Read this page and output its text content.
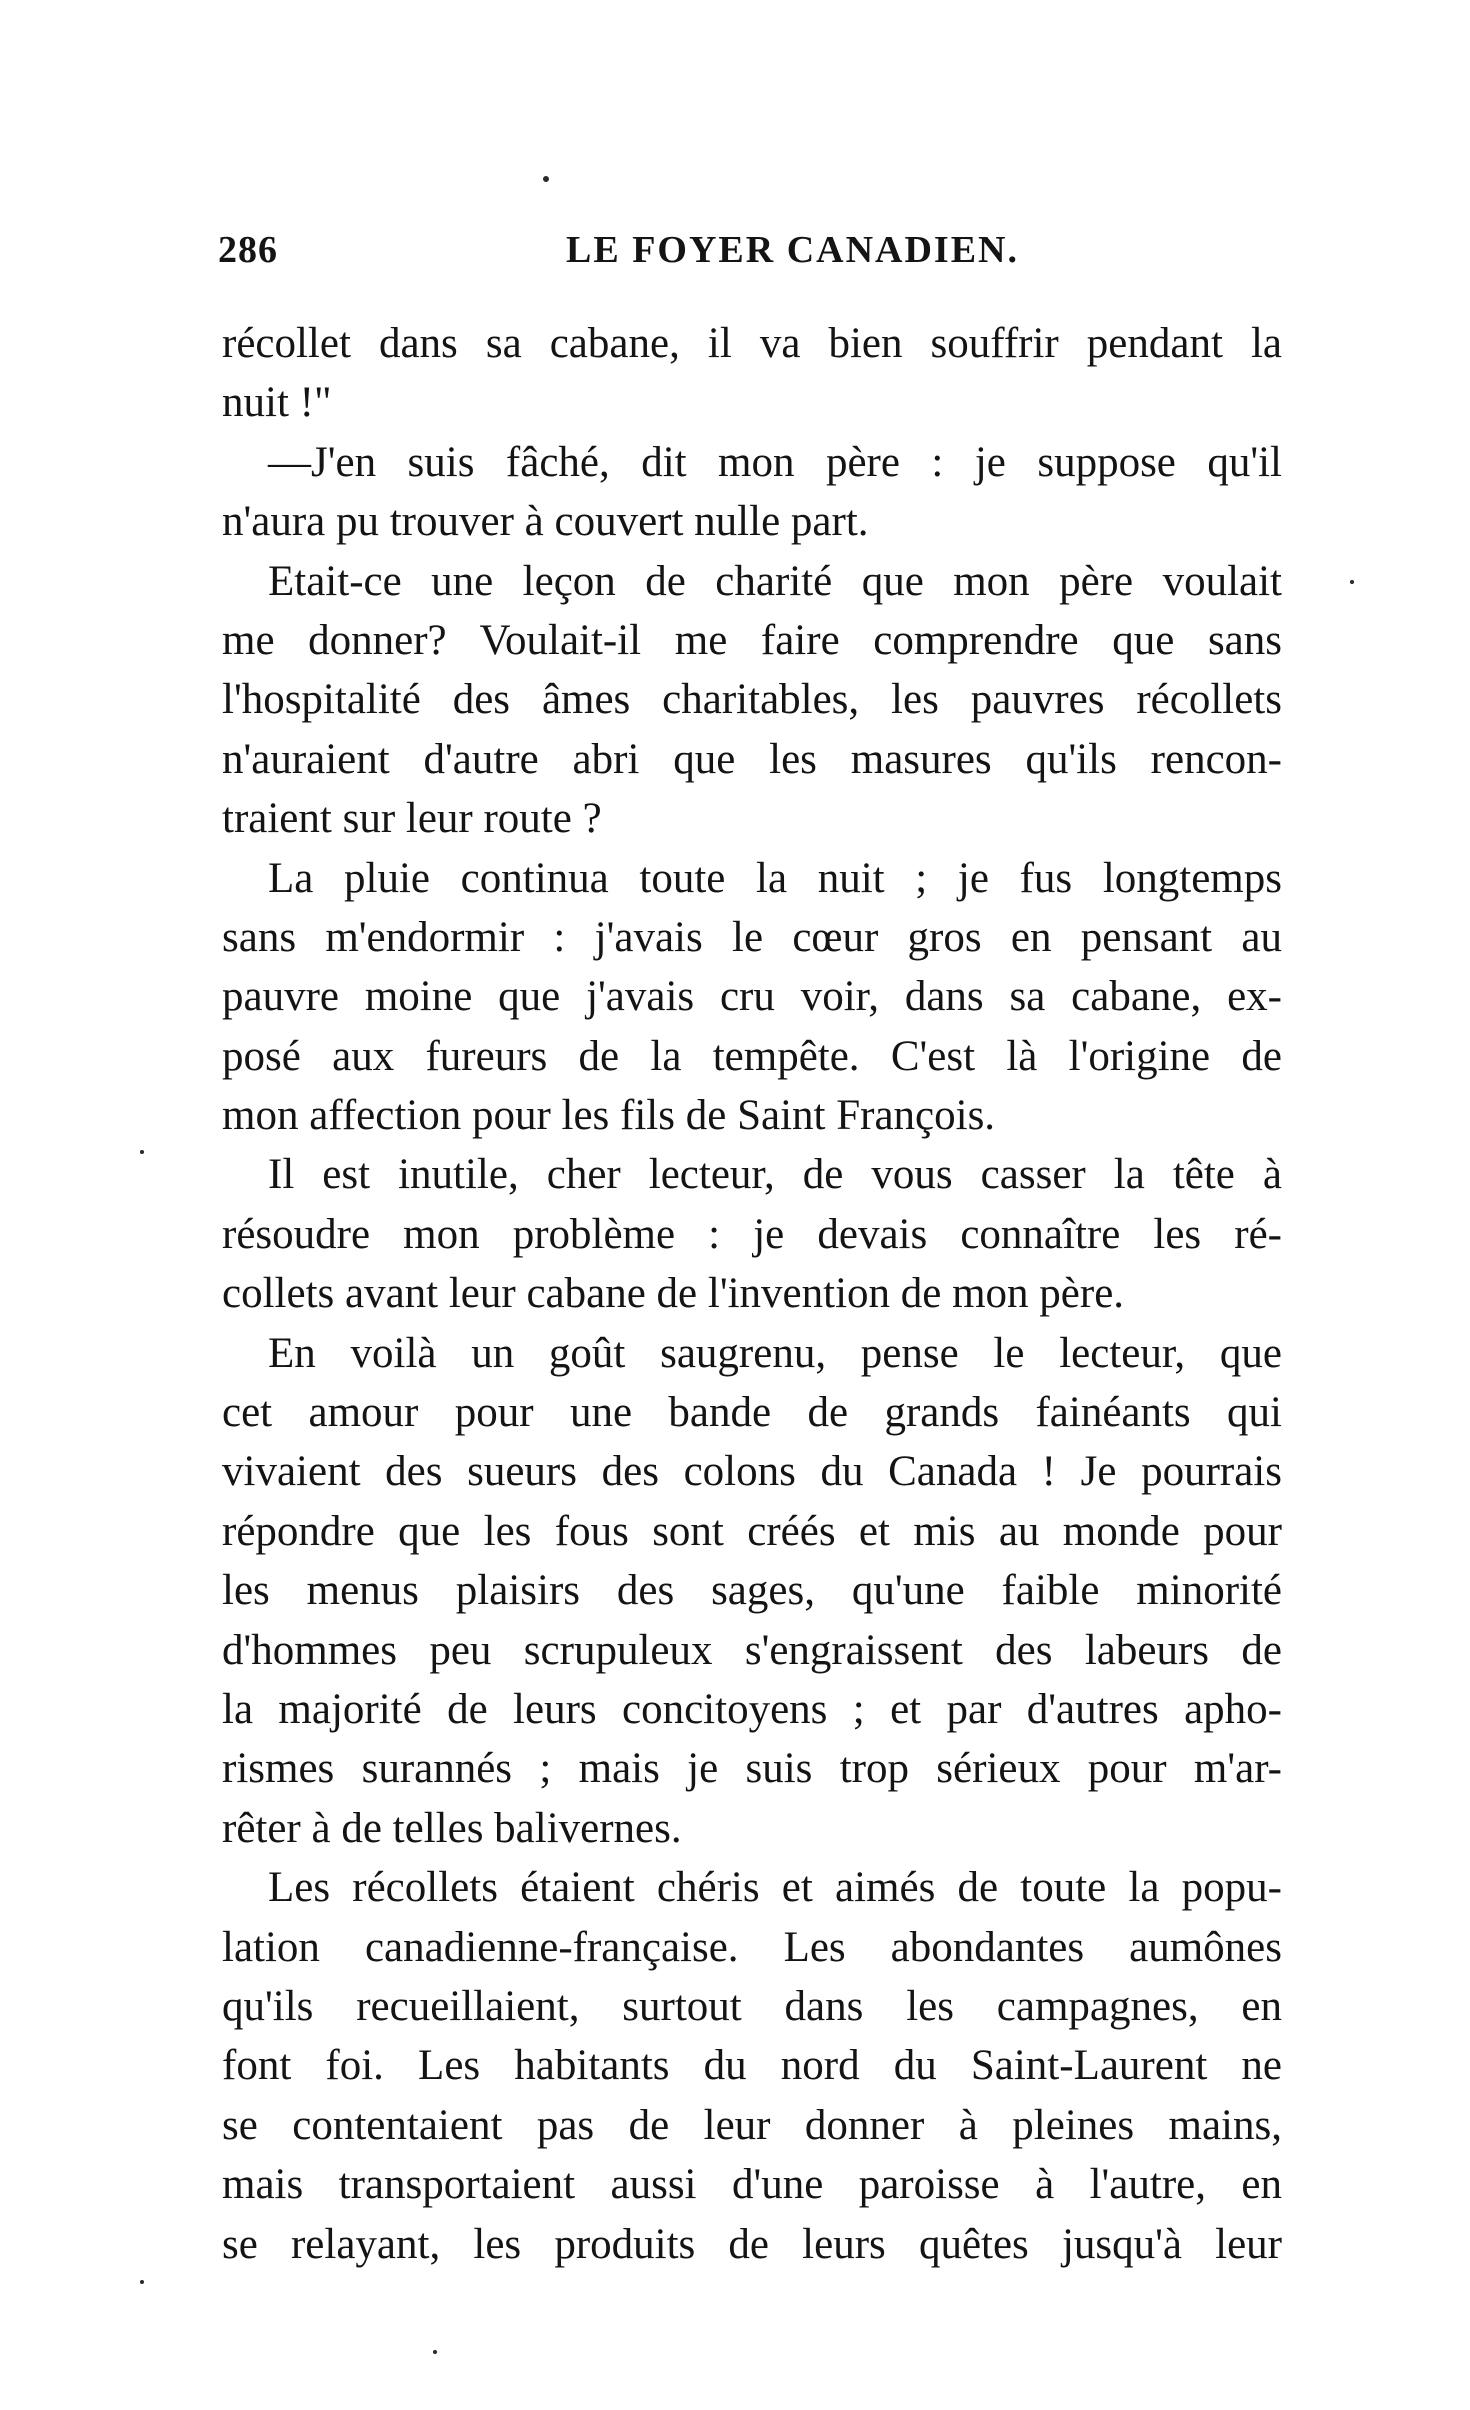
286	LE FOYER CANADIEN.
récollet dans sa cabane, il va bien souffrir pendant la
nuit !"
—J'en suis fâché, dit mon père : je suppose qu'il
n'aura pu trouver à couvert nulle part.
Etait-ce une leçon de charité que mon père voulait
me donner? Voulait-il me faire comprendre que sans
l'hospitalité des âmes charitables, les pauvres récollets
n'auraient d'autre abri que les masures qu'ils rencon-
traient sur leur route ?
La pluie continua toute la nuit ; je fus longtemps
sans m'endormir : j'avais le cœur gros en pensant au
pauvre moine que j'avais cru voir, dans sa cabane, ex-
posé aux fureurs de la tempête. C'est là l'origine de
mon affection pour les fils de Saint François.
Il est inutile, cher lecteur, de vous casser la tête à
résoudre mon problème : je devais connaître les ré-
collets avant leur cabane de l'invention de mon père.
En voilà un goût saugrenu, pense le lecteur, que
cet amour pour une bande de grands fainéants qui
vivaient des sueurs des colons du Canada ! Je pourrais
répondre que les fous sont créés et mis au monde pour
les menus plaisirs des sages, qu'une faible minorité
d'hommes peu scrupuleux s'engraissent des labeurs de
la majorité de leurs concitoyens ; et par d'autres apho-
rismes surannés ; mais je suis trop sérieux pour m'ar-
rêter à de telles balivernes.
Les récollets étaient chéris et aimés de toute la popu-
lation canadienne-française. Les abondantes aumônes
qu'ils recueillaient, surtout dans les campagnes, en
font foi. Les habitants du nord du Saint-Laurent ne
se contentaient pas de leur donner à pleines mains,
mais transportaient aussi d'une paroisse à l'autre, en
se relayant, les produits de leurs quêtes jusqu'à leur
